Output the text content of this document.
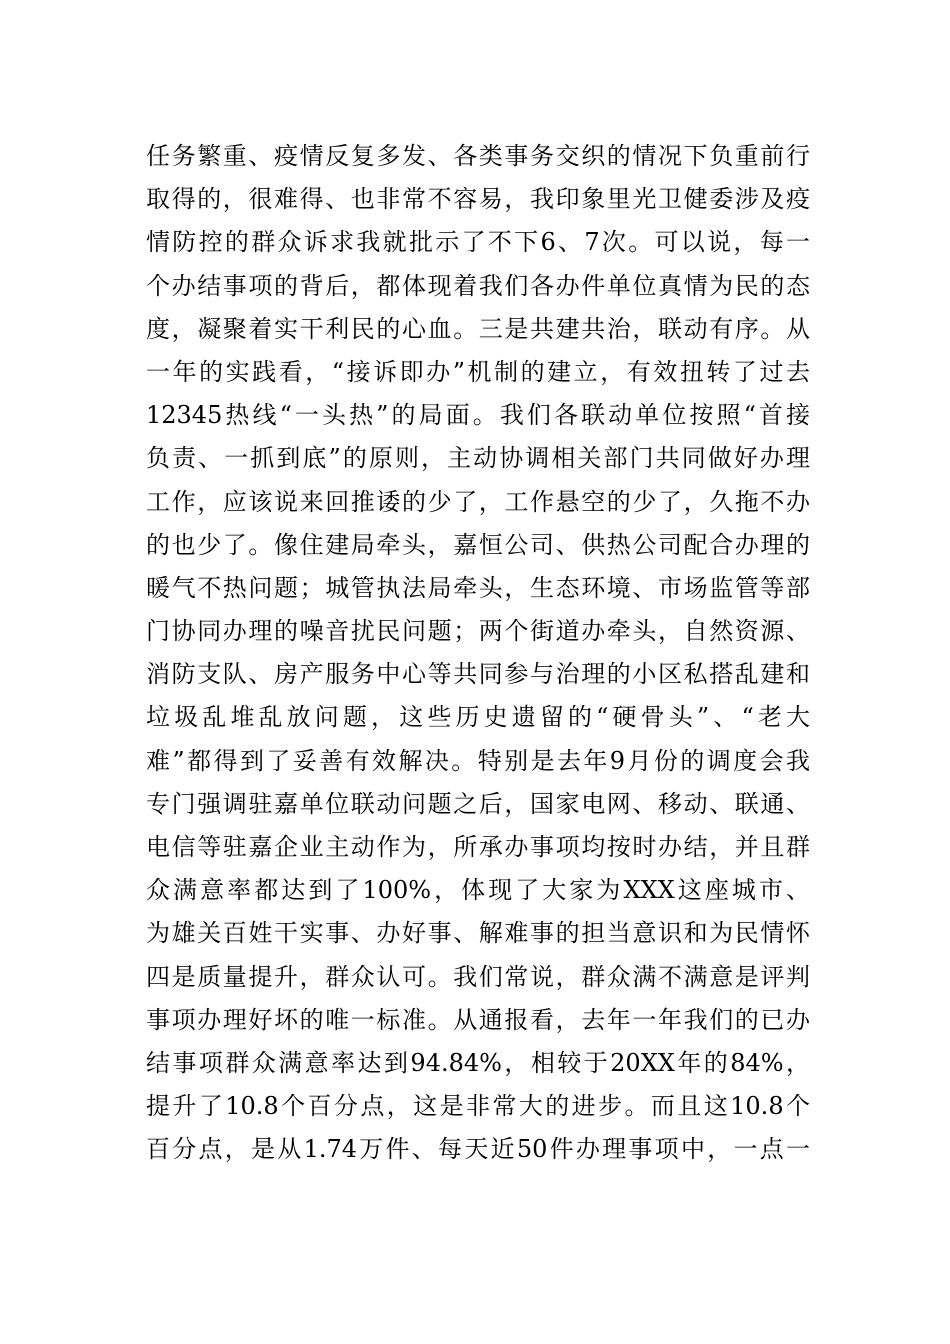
任务繁重、疫情反复多发、各类事务交织的情况下负重前行
取得的，很难得、也非常不容易，我印象里光卫健委涉及疫
情防控的群众诉求我就批示了不下6、7次。可以说，每一
个办结事项的背后，都体现着我们各办件单位真情为民的态
度，凝聚着实干利民的心血。三是共建共治，联动有序。从
一年的实践看，“接诉即办”机制的建立，有效扭转了过去
12345热线“一头热”的局面。我们各联动单位按照“首接
负责、一抓到底”的原则，主动协调相关部门共同做好办理
工作，应该说来回推诿的少了，工作悬空的少了，久拖不办
的也少了。像住建局牵头，嘉恒公司、供热公司配合办理的
暖气不热问题；城管执法局牵头，生态环境、市场监管等部
门协同办理的噪音扰民问题；两个街道办牵头，自然资源、
消防支队、房产服务中心等共同参与治理的小区私搭乱建和
垃圾乱堆乱放问题，这些历史遗留的“硬骨头”、“老大
难”都得到了妥善有效解决。特别是去年9月份的调度会我
专门强调驻嘉单位联动问题之后，国家电网、移动、联通、
电信等驻嘉企业主动作为，所承办事项均按时办结，并且群
众满意率都达到了100%，体现了大家为XXX这座城市、
为雄关百姓干实事、办好事、解难事的担当意识和为民情怀
四是质量提升，群众认可。我们常说，群众满不满意是评判
事项办理好坏的唯一标准。从通报看，去年一年我们的已办
结事项群众满意率达到94.84%，相较于20XX年的84%，
提升了10.8个百分点，这是非常大的进步。而且这10.8个
百分点，是从1.74万件、每天近50件办理事项中，一点一
